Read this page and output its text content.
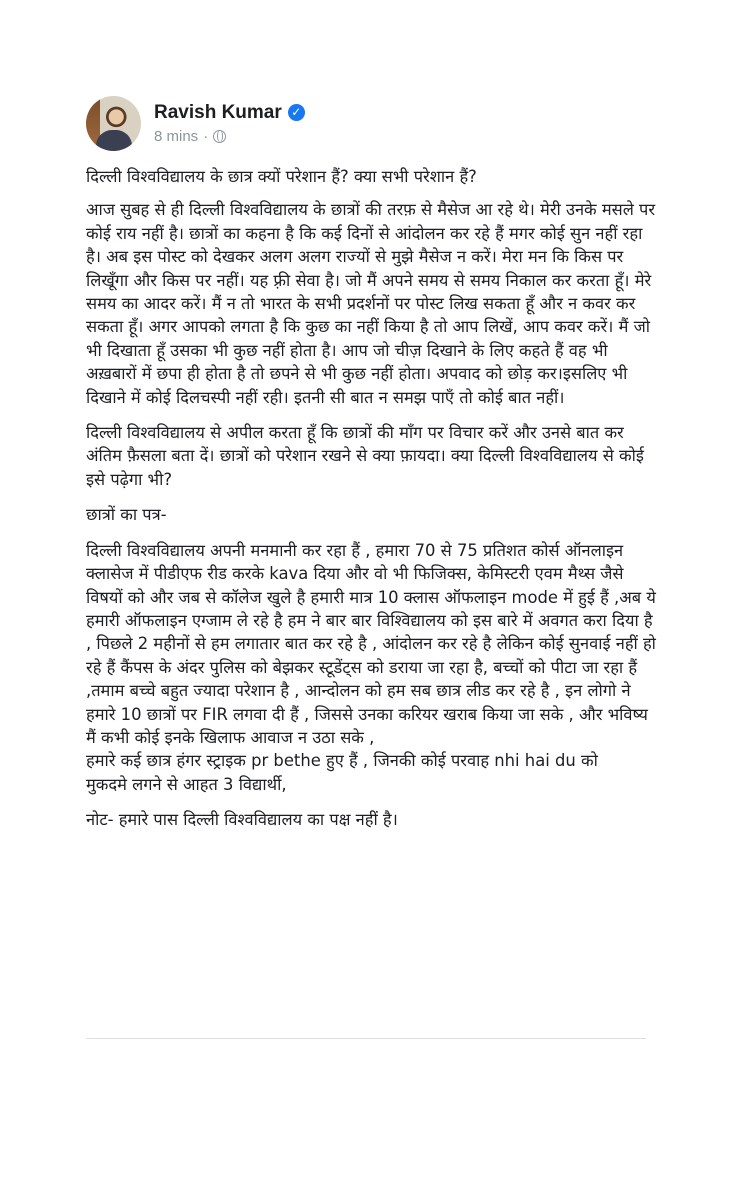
Ravish Kumar ✓
8 mins ·

दिल्ली विश्वविद्यालय के छात्र क्यों परेशान हैं? क्या सभी परेशान हैं?

आज सुबह से ही दिल्ली विश्वविद्यालय के छात्रों की तरफ़ से मैसेज आ रहे थे। मेरी उनके मसले पर कोई राय नहीं है। छात्रों का कहना है कि कई दिनों से आंदोलन कर रहे हैं मगर कोई सुन नहीं रहा है। अब इस पोस्ट को देखकर अलग अलग राज्यों से मुझे मैसेज न करें। मेरा मन कि किस पर लिखूँगा और किस पर नहीं। यह फ़्री सेवा है। जो मैं अपने समय से समय निकाल कर करता हूँ। मेरे समय का आदर करें। मैं न तो भारत के सभी प्रदर्शनों पर पोस्ट लिख सकता हूँ और न कवर कर सकता हूँ। अगर आपको लगता है कि कुछ का नहीं किया है तो आप लिखें, आप कवर करें। मैं जो भी दिखाता हूँ उसका भी कुछ नहीं होता है। आप जो चीज़ दिखाने के लिए कहते हैं वह भी अख़बारों में छपा ही होता है तो छपने से भी कुछ नहीं होता। अपवाद को छोड़ कर।इसलिए भी दिखाने में कोई दिलचस्पी नहीं रही। इतनी सी बात न समझ पाएँ तो कोई बात नहीं।

दिल्ली विश्वविद्यालय से अपील करता हूँ कि छात्रों की माँग पर विचार करें और उनसे बात कर अंतिम फ़ैसला बता दें। छात्रों को परेशान रखने से क्या फ़ायदा। क्या दिल्ली विश्वविद्यालय से कोई इसे पढ़ेगा भी?

छात्रों का पत्र-

दिल्ली विश्वविद्यालय अपनी मनमानी कर रहा हैं , हमारा 70 से 75 प्रतिशत कोर्स ऑनलाइन क्लासेज में पीडीएफ रीड करके kava दिया और वो भी फिजिक्स, केमिस्टरी एवम मैथ्स जैसे विषयों को और जब से कॉलेज खुले है हमारी मात्र 10 क्लास ऑफलाइन mode में हुई हैं ,अब ये हमारी ऑफलाइन एग्जाम ले रहे है हम ने बार बार विश्विद्यालय को इस बारे में अवगत करा दिया है , पिछले 2 महीनों से हम लगातार बात कर रहे है , आंदोलन कर रहे है लेकिन कोई सुनवाई नहीं हो रहे हैं कैंपस के अंदर पुलिस को बेझकर स्टूडेंट्स को डराया जा रहा है, बच्चों को पीटा जा रहा हैं ,तमाम बच्चे बहुत ज्यादा परेशान है , आन्दोलन को हम सब छात्र लीड कर रहे है , इन लोगो ने हमारे 10 छात्रों पर FIR लगवा दी हैं , जिससे उनका करियर खराब किया जा सके , और भविष्य मैं कभी कोई इनके खिलाफ आवाज न उठा सके ,
हमारे कई छात्र हंगर स्ट्राइक pr bethe हुए हैं , जिनकी कोई परवाह nhi hai du को
मुकदमे लगने से आहत 3 विद्यार्थी,

नोट- हमारे पास दिल्ली विश्वविद्यालय का पक्ष नहीं है।
